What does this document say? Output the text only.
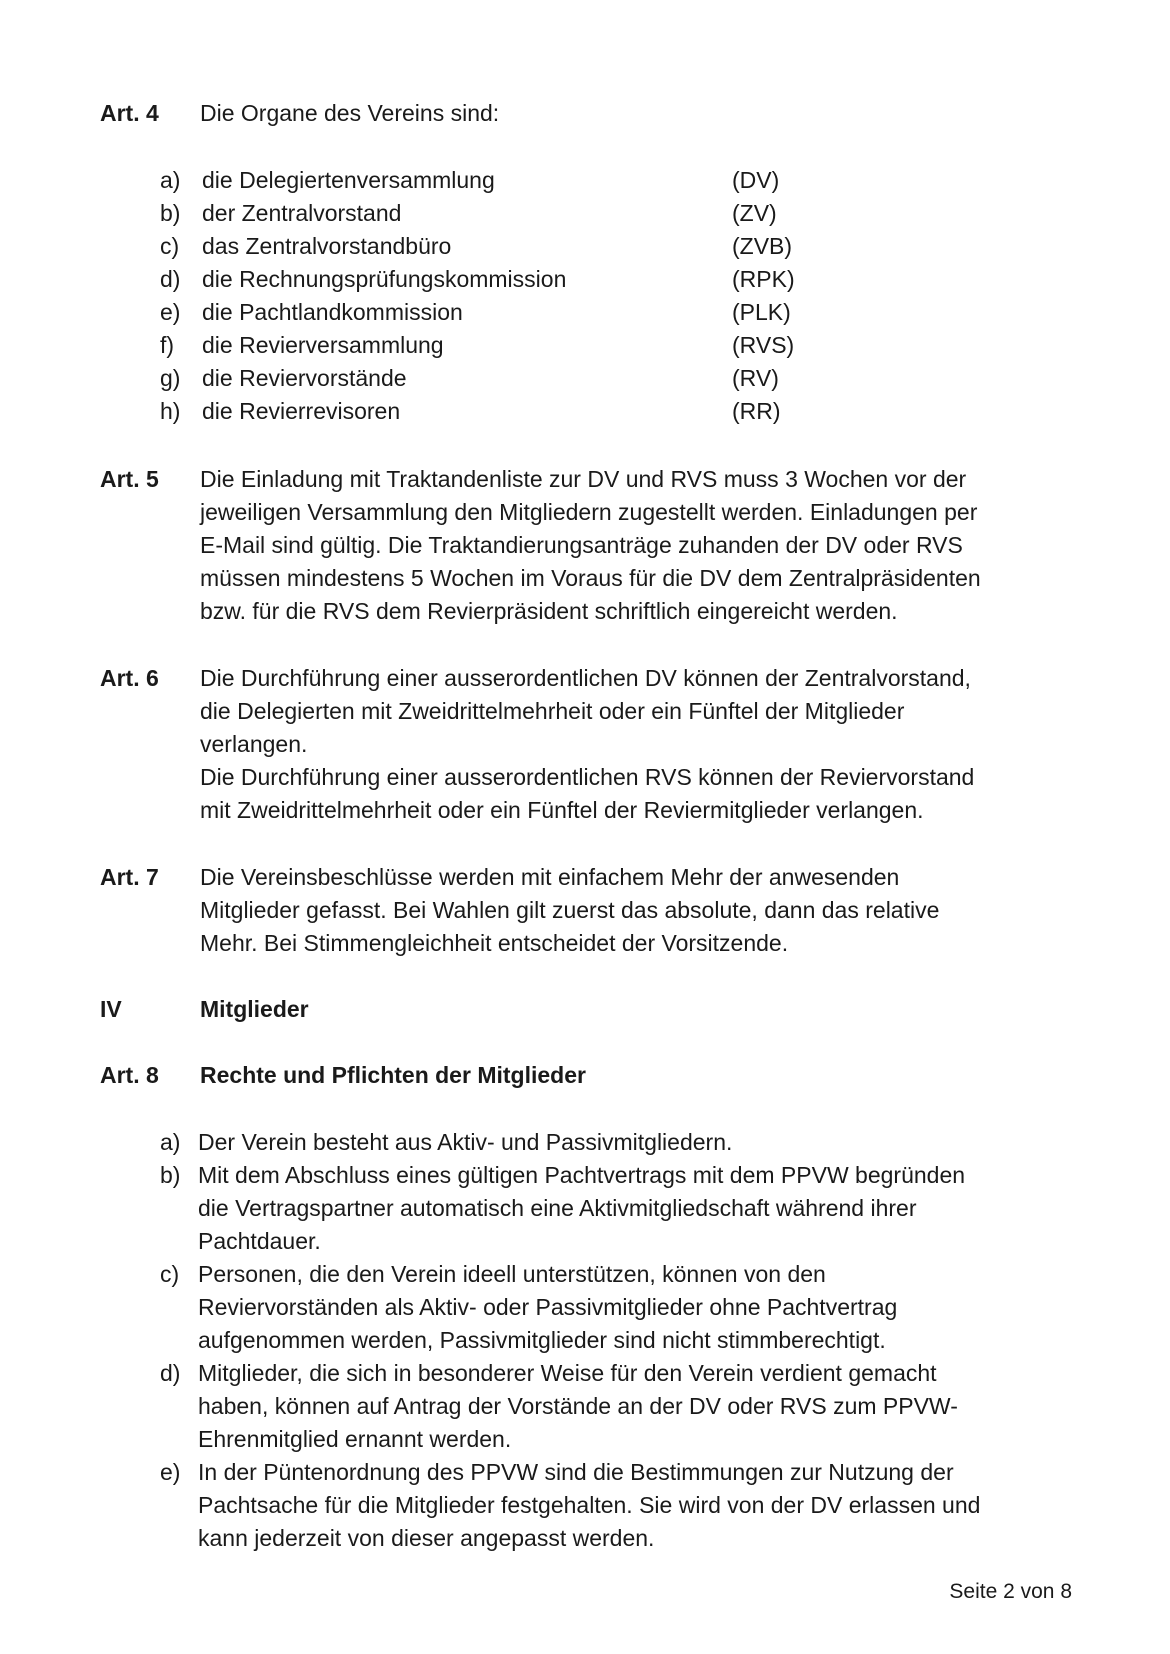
Art. 4 Die Organe des Vereins sind:
a) die Delegiertenversammlung	(DV)
b) der Zentralvorstand	(ZV)
c) das Zentralvorstandbüro	(ZVB)
d) die Rechnungsprüfungskommission	(RPK)
e) die Pachtlandkommission	(PLK)
f) die Revierversammlung	(RVS)
g) die Reviervorstände	(RV)
h) die Revierrevisoren	(RR)
Art. 5 Die Einladung mit Traktandenliste zur DV und RVS muss 3 Wochen vor der
jeweiligen Versammlung den Mitgliedern zugestellt werden. Einladungen per
E-Mail sind gültig. Die Traktandierungsanträge zuhanden der DV oder RVS
müssen mindestens 5 Wochen im Voraus für die DV dem Zentralpräsidenten
bzw. für die RVS dem Revierpräsident schriftlich eingereicht werden.
Art. 6 Die Durchführung einer ausserordentlichen DV können der Zentralvorstand,
die Delegierten mit Zweidrittelmehrheit oder ein Fünftel der Mitglieder
verlangen.
Die Durchführung einer ausserordentlichen RVS können der Reviervorstand
mit Zweidrittelmehrheit oder ein Fünftel der Reviermitglieder verlangen.
Art. 7 Die Vereinsbeschlüsse werden mit einfachem Mehr der anwesenden
Mitglieder gefasst. Bei Wahlen gilt zuerst das absolute, dann das relative
Mehr. Bei Stimmengleichheit entscheidet der Vorsitzende.
IV	Mitglieder
Art. 8 Rechte und Pflichten der Mitglieder
a) Der Verein besteht aus Aktiv- und Passivmitgliedern.
b) Mit dem Abschluss eines gültigen Pachtvertrags mit dem PPVW begründen
die Vertragspartner automatisch eine Aktivmitgliedschaft während ihrer
Pachtdauer.
c) Personen, die den Verein ideell unterstützen, können von den
Reviervorständen als Aktiv- oder Passivmitglieder ohne Pachtvertrag
aufgenommen werden, Passivmitglieder sind nicht stimmberechtigt.
d) Mitglieder, die sich in besonderer Weise für den Verein verdient gemacht
haben, können auf Antrag der Vorstände an der DV oder RVS zum PPVW-
Ehrenmitglied ernannt werden.
e) In der Püntenordnung des PPVW sind die Bestimmungen zur Nutzung der
Pachtsache für die Mitglieder festgehalten. Sie wird von der DV erlassen und
kann jederzeit von dieser angepasst werden.
Seite 2 von 8
